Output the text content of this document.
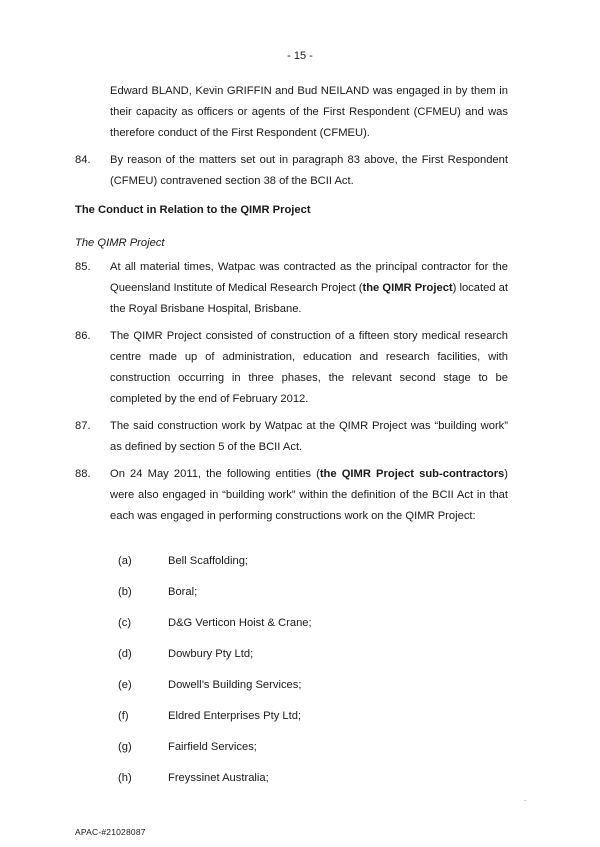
- 15 -
Edward BLAND, Kevin GRIFFIN and Bud NEILAND was engaged in by them in their capacity as officers or agents of the First Respondent (CFMEU) and was therefore conduct of the First Respondent (CFMEU).
84. By reason of the matters set out in paragraph 83 above, the First Respondent (CFMEU) contravened section 38 of the BCII Act.
The Conduct in Relation to the QIMR Project
The QIMR Project
85. At all material times, Watpac was contracted as the principal contractor for the Queensland Institute of Medical Research Project (the QIMR Project) located at the Royal Brisbane Hospital, Brisbane.
86. The QIMR Project consisted of construction of a fifteen story medical research centre made up of administration, education and research facilities, with construction occurring in three phases, the relevant second stage to be completed by the end of February 2012.
87. The said construction work by Watpac at the QIMR Project was “building work” as defined by section 5 of the BCII Act.
88. On 24 May 2011, the following entities (the QIMR Project sub-contractors) were also engaged in “building work” within the definition of the BCII Act in that each was engaged in performing constructions work on the QIMR Project:
(a)	Bell Scaffolding;
(b)	Boral;
(c)	D&G Verticon Hoist & Crane;
(d)	Dowbury Pty Ltd;
(e)	Dowell’s Building Services;
(f)	Eldred Enterprises Pty Ltd;
(g)	Fairfield Services;
(h)	Freyssinet Australia;
APAC-#21028087
